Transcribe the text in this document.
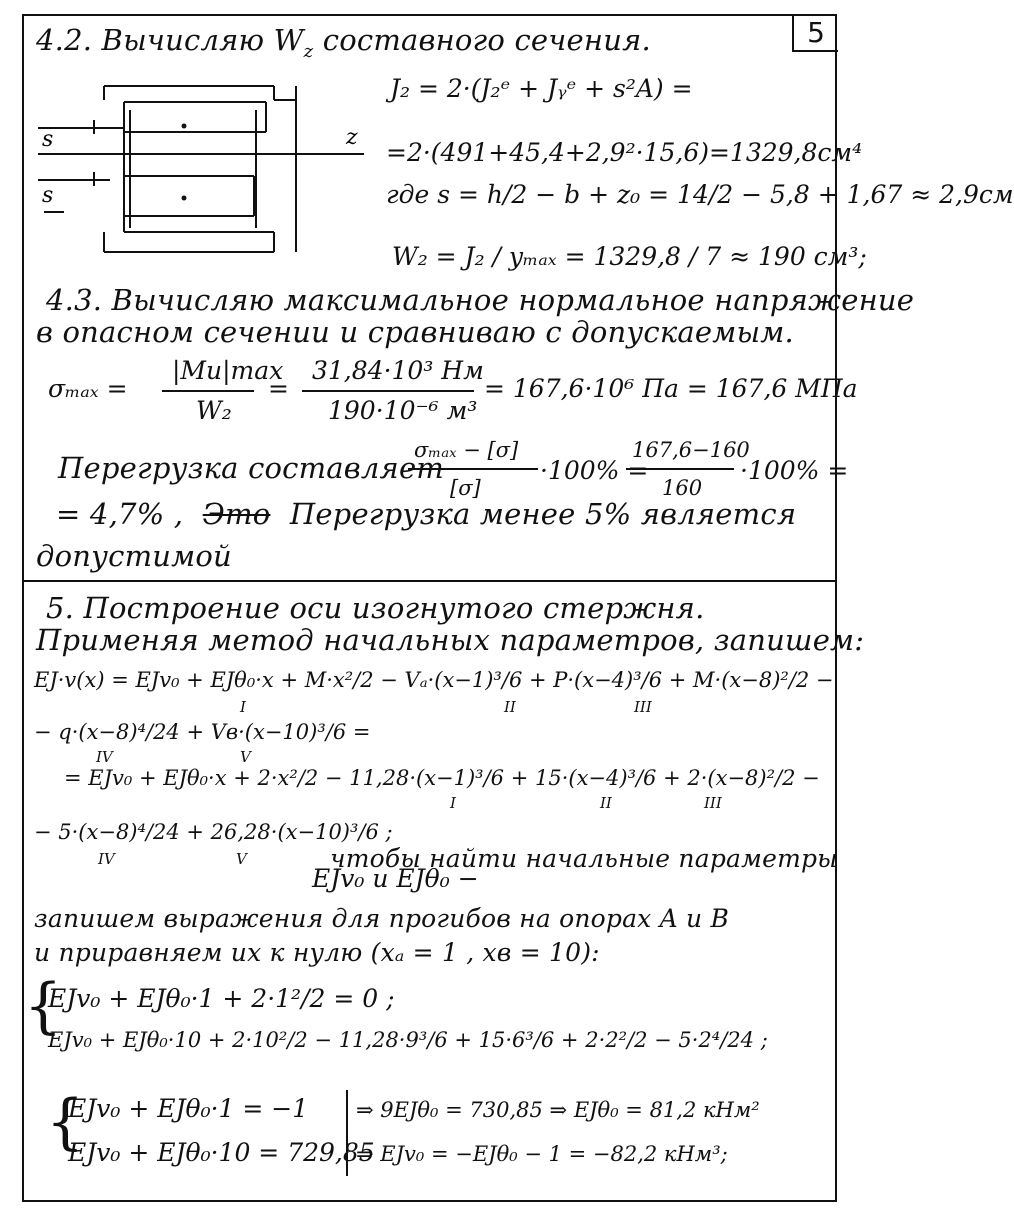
5
4.2. Вычисляю $W_z$ составного сечения.
s
s
z
J₂ = 2·(J₂ᵉ + Jᵧᵉ + s²A) =
=2·(491+45,4+2,9²·15,6)=1329,8см⁴
где s = h/2 − b + z₀ = 14/2 − 5,8 + 1,67 ≈ 2,9см
W₂ = J₂ / yₘₐₓ = 1329,8 / 7 ≈ 190 см³;
4.3. Вычисляю максимальное нормальное напряжение
в опасном сечении и сравниваю с допускаемым.
σₘₐₓ =
|Mи|max
W₂
=
31,84·10³ Нм
190·10⁻⁶ м³
= 167,6·10⁶ Па = 167,6 МПа
Перегрузка составляет
σₘₐₓ − [σ]
[σ]
·100% =
167,6−160
160
·100% =
= 4,7% , Это Перегрузка менее 5% является
допустимой
5. Построение оси изогнутого стержня.
Применяя метод начальных параметров, запишем:
EJ·v(x) = EJv₀ + EJθ₀·x + M·x²/2 − Vₐ·(x−1)³/6 + P·(x−4)³/6 + M·(x−8)²/2 −
I	II	III
− q·(x−8)⁴/24 + Vв·(x−10)³/6 =
IV	V
= EJv₀ + EJθ₀·x + 2·x²/2 − 11,28·(x−1)³/6 + 15·(x−4)³/6 + 2·(x−8)²/2 −
I	II	III
− 5·(x−8)⁴/24 + 26,28·(x−10)³/6 ;
IV	V	чтобы найти начальные параметры
EJv₀ и EJθ₀ −
запишем выражения для прогибов на опорах A и B
и приравняем их к нулю (xₐ = 1 , xв = 10):
{
EJv₀ + EJθ₀·1 + 2·1²/2 = 0 ;
EJv₀ + EJθ₀·10 + 2·10²/2 − 11,28·9³/6 + 15·6³/6 + 2·2²/2 − 5·2⁴/24 ;
{
EJv₀ + EJθ₀·1 = −1
EJv₀ + EJθ₀·10 = 729,85
⇒ 9EJθ₀ = 730,85 ⇒ EJθ₀ = 81,2 кНм²
⇒ EJv₀ = −EJθ₀ − 1 = −82,2 кНм³;
